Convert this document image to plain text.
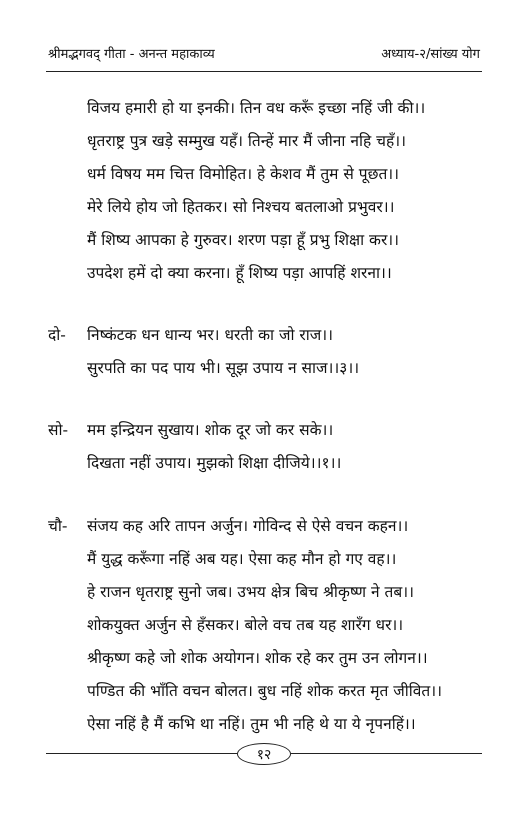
श्रीमद्भगवद् गीता - अनन्त महाकाव्य	अध्याय-२/सांख्य योग
विजय हमारी हो या इनकी। तिन वध करूँ इच्छा नहिं जी की।।
धृतराष्ट्र पुत्र खड़े सम्मुख यहँ। तिन्हें मार मैं जीना नहि चहँ।।
धर्म विषय मम चित्त विमोहित। हे केशव मैं तुम से पूछत।।
मेरे लिये होय जो हितकर। सो निश्चय बतलाओ प्रभुवर।।
मैं शिष्य आपका हे गुरुवर। शरण पड़ा हूँ प्रभु शिक्षा कर।।
उपदेश हमें दो क्या करना। हूँ शिष्य पड़ा आपहिं शरना।।
दो- निष्कंटक धन धान्य भर। धरती का जो राज।।
सुरपति का पद पाय भी। सूझ उपाय न साज।।३।।
सो- मम इन्द्रियन सुखाय। शोक दूर जो कर सके।।
दिखता नहीं उपाय। मुझको शिक्षा दीजिये।।१।।
चौ- संजय कह अरि तापन अर्जुन। गोविन्द से ऐसे वचन कहन।।
मैं युद्ध करूँगा नहिं अब यह। ऐसा कह मौन हो गए वह।।
हे राजन धृतराष्ट्र सुनो जब। उभय क्षेत्र बिच श्रीकृष्ण ने तब।।
शोकयुक्त अर्जुन से हँसकर। बोले वच तब यह शारँग धर।।
श्रीकृष्ण कहे जो शोक अयोगन। शोक रहे कर तुम उन लोगन।।
पण्डित की भाँति वचन बोलत। बुध नहिं शोक करत मृत जीवित।।
ऐसा नहिं है मैं कभि था नहिं। तुम भी नहि थे या ये नृपनहिं।।
१२
